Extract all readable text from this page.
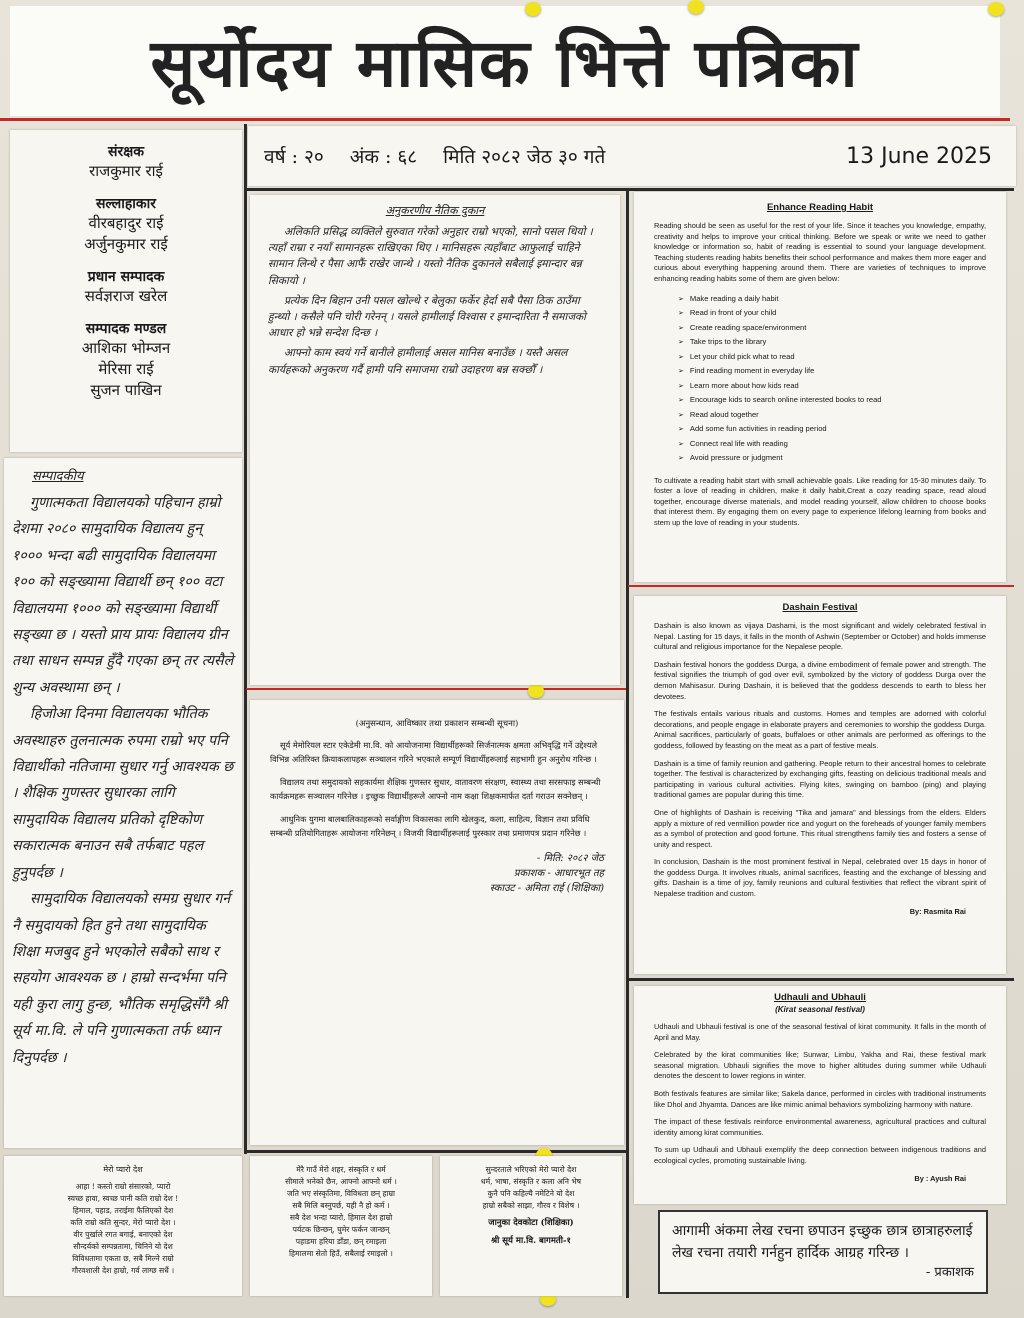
सूर्योदय मासिक भित्ते पत्रिका
संरक्षक
राजकुमार राई
सल्लाहाकार
वीरबहादुर राई
अर्जुनकुमार राई
प्रधान सम्पादक
सर्वज्ञराज खरेल
सम्पादक मण्डल
आशिका भोम्जन
मेरिसा राई
सुजन पाखिन
वर्ष : २० अंक : ६८ मिति २०८२ जेठ ३० गते	13 June 2025
सम्पादकीय

गुणात्मकता विद्यालयको पहिचान हाम्रो देशमा २०८० सामुदायिक विद्यालय हुन् १००० भन्दा बढी सामुदायिक विद्यालयमा १०० को सङ्ख्यामा विद्यार्थी छन् १०० वटा विद्यालयमा १००० को सङ्ख्यामा विद्यार्थी सङ्ख्या छ । यस्तो प्राय प्रायः विद्यालय ग्रीन तथा साधन सम्पन्न हुँदै गएका छन् तर त्यसैले शुन्य अवस्थामा छन् ।

हिजोआ दिनमा विद्यालयका भौतिक अवस्थाहरु तुलनात्मक रुपमा राम्रो भए पनि विद्यार्थीको नतिजामा सुधार गर्नु आवश्यक छ । शैक्षिक गुणस्तर सुधारका लागि सामुदायिक विद्यालय प्रतिको दृष्टिकोण सकारात्मक बनाउन सबै तर्फबाट पहल हुनुपर्दछ ।

सामुदायिक विद्यालयको समग्र सुधार गर्न नै समुदायको हित हुने तथा सामुदायिक शिक्षा मजबुद हुने भएकोले सबैको साथ र सहयोग आवश्यक छ । हाम्रो सन्दर्भमा पनि यही कुरा लागु हुन्छ, भौतिक समृद्धिसँगै श्री सूर्य मा.वि. ले पनि गुणात्मकता तर्फ ध्यान दिनुपर्दछ ।

अनुकरणीय नैतिक दुकान

अलिकति प्रसिद्ध व्यक्तिले सुरुवात गरेको अनुहार राम्रो भएको, सानो पसल थियो । त्यहाँ राम्रा र नयाँ सामानहरू राखिएका थिए । मानिसहरू त्यहाँबाट आफुलाई चाहिने सामान लिन्थे र पैसा आफैं राखेर जान्थे । यस्तो नैतिक दुकानले सबैलाई इमान्दार बन्न सिकायो ।

प्रत्येक दिन बिहान उनी पसल खोल्थे र बेलुका फर्केर हेर्दा सबै पैसा ठिक ठाउँमा हुन्थ्यो । कसैले पनि चोरी गरेनन् । यसले हामीलाई विश्वास र इमान्दारिता नै समाजको आधार हो भन्ने सन्देश दिन्छ ।

आफ्नो काम स्वयं गर्ने बानीले हामीलाई असल मानिस बनाउँछ । यस्तै असल कार्यहरूको अनुकरण गर्दै हामी पनि समाजमा राम्रो उदाहरण बन्न सक्छौँ ।

(अनुसन्धान, आविष्कार तथा प्रकाशन सम्बन्धी सूचना)

सूर्य मेमोरियल स्टार एकेडेमी मा.वि. को आयोजनामा विद्यार्थीहरूको सिर्जनात्मक क्षमता अभिवृद्धि गर्ने उद्देश्यले विभिन्न अतिरिक्त क्रियाकलापहरू सञ्चालन गरिने भएकाले सम्पूर्ण विद्यार्थीहरूलाई सहभागी हुन अनुरोध गरिन्छ ।

विद्यालय तथा समुदायको सहकार्यमा शैक्षिक गुणस्तर सुधार, वातावरण संरक्षण, स्वास्थ्य तथा सरसफाइ सम्बन्धी कार्यक्रमहरू सञ्चालन गरिनेछ । इच्छुक विद्यार्थीहरूले आफ्नो नाम कक्षा शिक्षकमार्फत दर्ता गराउन सक्नेछन् ।

आधुनिक युगमा बालबालिकाहरूको सर्वाङ्गीण विकासका लागि खेलकुद, कला, साहित्य, विज्ञान तथा प्रविधि सम्बन्धी प्रतियोगिताहरू आयोजना गरिनेछन् । विजयी विद्यार्थीहरूलाई पुरस्कार तथा प्रमाणपत्र प्रदान गरिनेछ ।

- मिति: २०८२ जेठ
प्रकाशक - आधारभूत तह
स्काउट - अमिता राई (शिक्षिका)
Enhance Reading Habit

Reading should be seen as useful for the rest of your life. Since it teaches you knowledge, empathy, creativity and helps to improve your critical thinking. Before we speak or write we need to gather knowledge or information so, habit of reading is essential to sound your language development. Teaching students reading habits benefits their school performance and makes them more eager and curious about everything happening around them. There are varieties of techniques to improve enhancing reading habits some of them are given below:

➢ Make reading a daily habit
➢ Read in front of your child
➢ Create reading space/environment
➢ Take trips to the library
➢ Let your child pick what to read
➢ Find reading moment in everyday life
➢ Learn more about how kids read
➢ Encourage kids to search online interested books to read
➢ Read aloud together
➢ Add some fun activities in reading period
➢ Connect real life with reading
➢ Avoid pressure or judgment

To cultivate a reading habit start with small achievable goals. Like reading for 15-30 minutes daily. To foster a love of reading in children, make it daily habit,Creat a cozy reading space, read aloud together, encourage diverse materials, and model reading yourself, allow children to choose books that interest them. By engaging them on every page to experience lifelong learning from books and stem up the love of reading in your students.

Dashain Festival

Dashain is also known as vijaya Dashami, is the most significant and widely celebrated festival in Nepal. Lasting for 15 days, it falls in the month of Ashwin (September or October) and holds immense cultural and religious importance for the Nepalese people.

Dashain festival honors the goddess Durga, a divine embodiment of female power and strength. The festival signifies the triumph of god over evil, symbolized by the victory of goddess Durga over the demon Mahisasur. During Dashain, it is believed that the goddess descends to earth to bless her devotees.

The festivals entails various rituals and customs. Homes and temples are adorned with colorful decorations, and people engage in elaborate prayers and ceremonies to worship the goddess Durga. Animal sacrifices, particularly of goats, buffaloes or other animals are performed as offerings to the goddess, followed by feasting on the meat as a part of festive meals.

Dashain is a time of family reunion and gathering. People return to their ancestral homes to celebrate together. The festival is characterized by exchanging gifts, feasting on delicious traditional meals and participating in various cultural activities. Flying kites, swinging on bamboo (ping) and playing traditional games are popular during this time.

One of highlights of Dashain is receiving "Tika and jamara" and blessings from the elders. Elders apply a mixture of red vermillion powder rice and yogurt on the foreheads of younger family members as a symbol of protection and good fortune. This ritual strengthens family ties and fosters a sense of unity and respect.

In conclusion, Dashain is the most prominent festival in Nepal, celebrated over 15 days in honor of the goddess Durga. It involves rituals, animal sacrifices, feasting and the exchange of blessing and gifts. Dashain is a time of joy, family reunions and cultural festivities that reflect the vibrant spirit of Nepalese tradition and custom.

By: Rasmita Rai
Udhauli and Ubhauli
(Kirat seasonal festival)

Udhauli and Ubhauli festival is one of the seasonal festival of kirat community. It falls in the month of April and May.

Celebrated by the kirat communities like; Sunwar, Limbu, Yakha and Rai, these festival mark seasonal migration. Ubhauli signifies the move to higher altitudes during summer while Udhauli denotes the descent to lower regions in winter.

Both festivals features are similar like; Sakela dance, performed in circles with traditional instruments like Dhol and Jhyamta. Dances are like mimic animal behaviors symbolizing harmony with nature.

The impact of these festivals reinforce environmental awareness, agricultural practices and cultural identity among kirat communities.

To sum up Udhauli and Ubhauli exemplify the deep connection between indigenous traditions and ecological cycles, promoting sustainable living.

By : Ayush Rai
आगामी अंकमा लेख रचना छपाउन इच्छुक छात्र छात्राहरुलाई लेख रचना तयारी गर्नहुन हार्दिक आग्रह गरिन्छ ।
- प्रकाशक
मेरो प्यारो देश
आहा ! कस्तो राम्रो संसारको, प्यारो
स्वच्छ हावा, स्वच्छ पानी कति राम्रो देश !
हिमाल, पहाड, तराईमा फैलिएको देश
कति राम्रो कति सुन्दर, मेरो प्यारो देश ।
वीर पुर्खाले रगत बगाई, बनाएको देश
सौन्दर्यको सम्पन्नतामा, चिनिने यो देश
विविधतामा एकता छ, सबै मिल्ने राम्रो
गौरवशाली देश हाम्रो, गर्व लाग्छ सधैं ।
मेरै गाउँ मेरो शहर, संस्कृति र धर्म
सीमाले भनेको छैन, आफ्नो आफ्नो धर्म ।
जति भए संस्कृतिमा, विविधता छन् हाम्रा
सबै मिलि बस्नुपर्छ, यही नै हो कर्म ।
सबै देश भन्दा प्यारो, हिमाल देश हाम्रो
पर्यटक छिन्छन्, घुमेर फर्कन जान्छन्
पहाडमा हरिया डाँडा, छन् रमाइला
हिमालमा सेतो हिउँ, सबैलाई रमाइलो ।
सुन्दरताले भरिएको मेरो प्यारो देश
धर्म, भाषा, संस्कृति र कला अनि भेष
कुनै पनि कहिल्यै नमेटिने यो देश
हाम्रो सबैको साझा, गौरव र विशेष ।
जानुका देवकोटा (शिक्षिका)
श्री सूर्य मा.वि. बागमती-१
